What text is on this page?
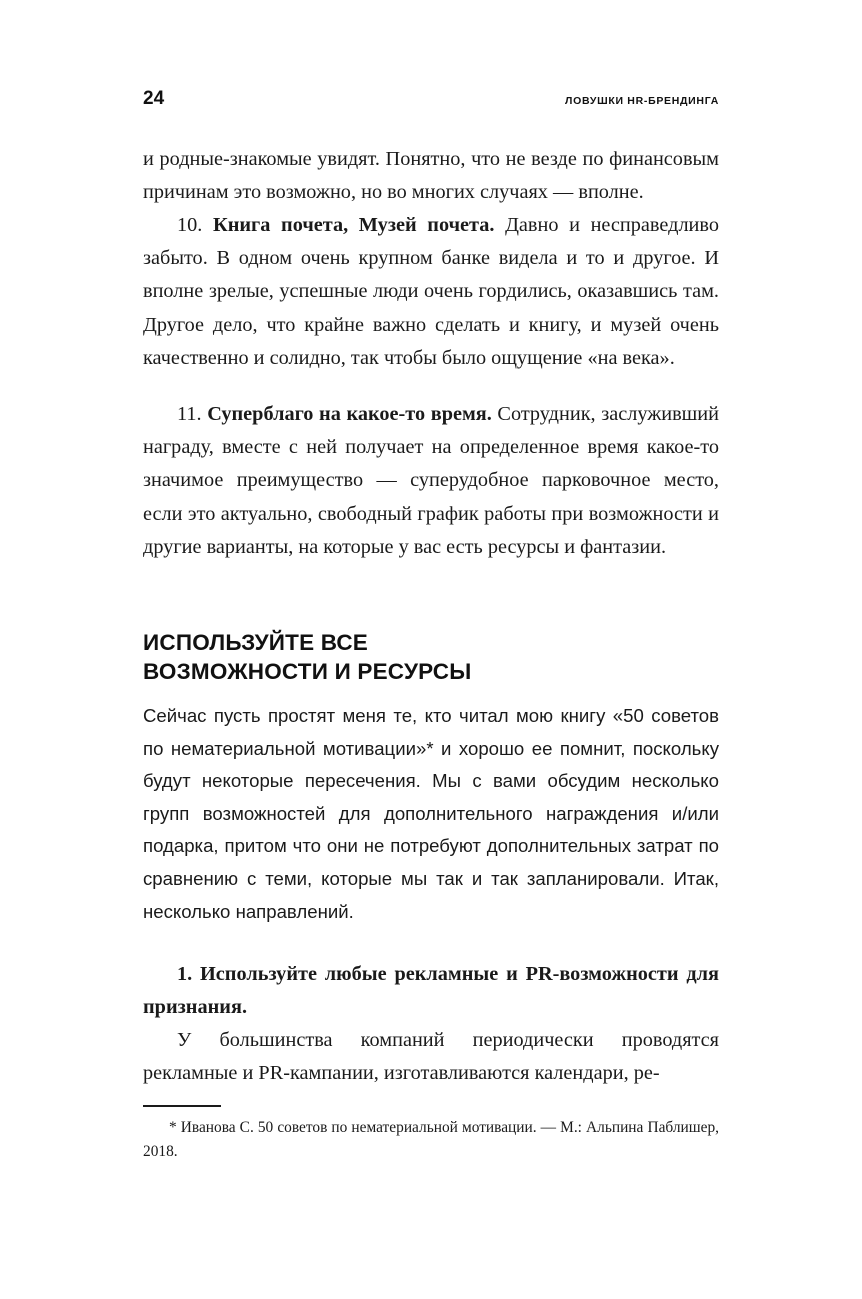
24	ЛОВУШКИ HR-БРЕНДИНГА

и родные-знакомые увидят. Понятно, что не везде по финансовым причинам это возможно, но во многих случаях — вполне.

10. Книга почета, Музей почета. Давно и несправедливо забыто. В одном очень крупном банке видела и то и другое. И вполне зрелые, успешные люди очень гордились, оказавшись там. Другое дело, что крайне важно сделать и книгу, и музей очень качественно и солидно, так чтобы было ощущение «на века».

11. Суперблаго на какое-то время. Сотрудник, заслуживший награду, вместе с ней получает на определенное время какое-то значимое преимущество — суперудобное парковочное место, если это актуально, свободный график работы при возможности и другие варианты, на которые у вас есть ресурсы и фантазии.

ИСПОЛЬЗУЙТЕ ВСЕ
ВОЗМОЖНОСТИ И РЕСУРСЫ

Сейчас пусть простят меня те, кто читал мою книгу «50 советов по нематериальной мотивации»* и хорошо ее помнит, поскольку будут некоторые пересечения. Мы с вами обсудим несколько групп возможностей для дополнительного награждения и/или подарка, притом что они не потребуют дополнительных затрат по сравнению с теми, которые мы так и так запланировали. Итак, несколько направлений.

1. Используйте любые рекламные и PR-возможности для признания.

У большинства компаний периодически проводятся рекламные и PR-кампании, изготавливаются календари, ре-

* Иванова С. 50 советов по нематериальной мотивации. — М.: Альпина Паблишер, 2018.
